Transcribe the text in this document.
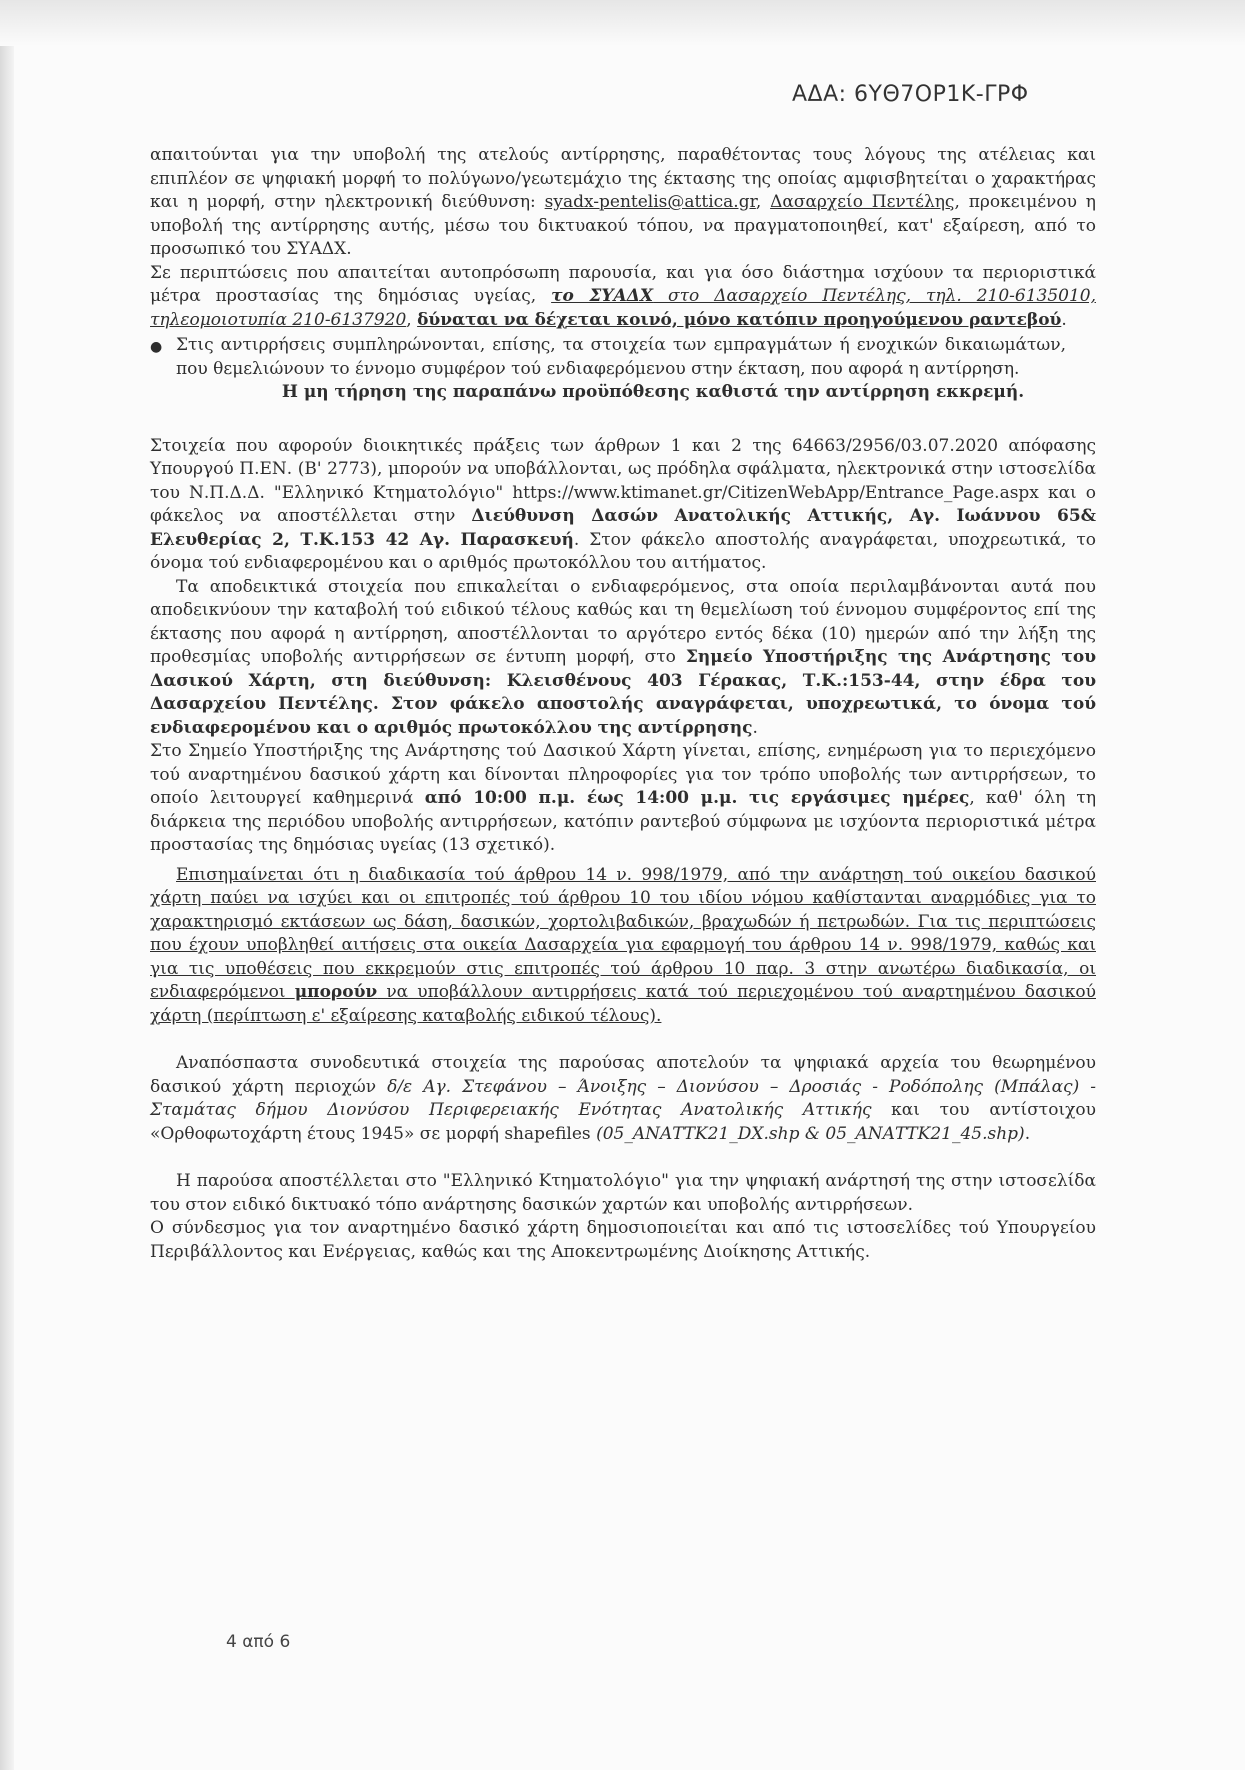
ΑΔΑ: 6ΥΘ7ΟΡ1Κ-ΓΡΦ

απαιτούνται για την υποβολή της ατελούς αντίρρησης, παραθέτοντας τους λόγους της ατέλειας και επιπλέον σε ψηφιακή μορφή το πολύγωνο/γεωτεμάχιο της έκτασης της οποίας αμφισβητείται ο χαρακτήρας και η μορφή, στην ηλεκτρονική διεύθυνση: syadx-pentelis@attica.gr, Δασαρχείο Πεντέλης, προκειμένου η υποβολή της αντίρρησης αυτής, μέσω του δικτυακού τόπου, να πραγματοποιηθεί, κατ' εξαίρεση, από το προσωπικό του ΣΥΑΔΧ.

Σε περιπτώσεις που απαιτείται αυτοπρόσωπη παρουσία, και για όσο διάστημα ισχύουν τα περιοριστικά μέτρα προστασίας της δημόσιας υγείας, το ΣΥΑΔΧ στο Δασαρχείο Πεντέλης, τηλ. 210-6135010, τηλεομοιοτυπία 210-6137920, δύναται να δέχεται κοινό, μόνο κατόπιν προηγούμενου ραντεβού.

● Στις αντιρρήσεις συμπληρώνονται, επίσης, τα στοιχεία των εμπραγμάτων ή ενοχικών δικαιωμάτων, που θεμελιώνουν το έννομο συμφέρον τού ενδιαφερόμενου στην έκταση, που αφορά η αντίρρηση.

Η μη τήρηση της παραπάνω προϋπόθεσης καθιστά την αντίρρηση εκκρεμή.

Στοιχεία που αφορούν διοικητικές πράξεις των άρθρων 1 και 2 της 64663/2956/03.07.2020 απόφασης Υπουργού Π.ΕΝ. (Β' 2773), μπορούν να υποβάλλονται, ως πρόδηλα σφάλματα, ηλεκτρονικά στην ιστοσελίδα του Ν.Π.Δ.Δ. "Ελληνικό Κτηματολόγιο" https://www.ktimanet.gr/CitizenWebApp/Entrance_Page.aspx και ο φάκελος να αποστέλλεται στην Διεύθυνση Δασών Ανατολικής Αττικής, Αγ. Ιωάννου 65& Ελευθερίας 2, Τ.Κ.153 42 Αγ. Παρασκευή. Στον φάκελο αποστολής αναγράφεται, υποχρεωτικά, το όνομα τού ενδιαφερομένου και ο αριθμός πρωτοκόλλου του αιτήματος.

Τα αποδεικτικά στοιχεία που επικαλείται ο ενδιαφερόμενος, στα οποία περιλαμβάνονται αυτά που αποδεικνύουν την καταβολή τού ειδικού τέλους καθώς και τη θεμελίωση τού έννομου συμφέροντος επί της έκτασης που αφορά η αντίρρηση, αποστέλλονται το αργότερο εντός δέκα (10) ημερών από την λήξη της προθεσμίας υποβολής αντιρρήσεων σε έντυπη μορφή, στο Σημείο Υποστήριξης της Ανάρτησης του Δασικού Χάρτη, στη διεύθυνση: Κλεισθένους 403 Γέρακας, Τ.Κ.:153-44, στην έδρα του Δασαρχείου Πεντέλης. Στον φάκελο αποστολής αναγράφεται, υποχρεωτικά, το όνομα τού ενδιαφερομένου και ο αριθμός πρωτοκόλλου της αντίρρησης.

Στο Σημείο Υποστήριξης της Ανάρτησης τού Δασικού Χάρτη γίνεται, επίσης, ενημέρωση για το περιεχόμενο τού αναρτημένου δασικού χάρτη και δίνονται πληροφορίες για τον τρόπο υποβολής των αντιρρήσεων, το οποίο λειτουργεί καθημερινά από 10:00 π.μ. έως 14:00 μ.μ. τις εργάσιμες ημέρες, καθ' όλη τη διάρκεια της περιόδου υποβολής αντιρρήσεων, κατόπιν ραντεβού σύμφωνα με ισχύοντα περιοριστικά μέτρα προστασίας της δημόσιας υγείας (13 σχετικό).

Επισημαίνεται ότι η διαδικασία τού άρθρου 14 ν. 998/1979, από την ανάρτηση τού οικείου δασικού χάρτη παύει να ισχύει και οι επιτροπές τού άρθρου 10 του ιδίου νόμου καθίστανται αναρμόδιες για το χαρακτηρισμό εκτάσεων ως δάση, δασικών, χορτολιβαδικών, βραχωδών ή πετρωδών. Για τις περιπτώσεις που έχουν υποβληθεί αιτήσεις στα οικεία Δασαρχεία για εφαρμογή του άρθρου 14 ν. 998/1979, καθώς και για τις υποθέσεις που εκκρεμούν στις επιτροπές τού άρθρου 10 παρ. 3 στην ανωτέρω διαδικασία, οι ενδιαφερόμενοι μπορούν να υποβάλλουν αντιρρήσεις κατά τού περιεχομένου τού αναρτημένου δασικού χάρτη (περίπτωση ε' εξαίρεσης καταβολής ειδικού τέλους).

Αναπόσπαστα συνοδευτικά στοιχεία της παρούσας αποτελούν τα ψηφιακά αρχεία του θεωρημένου δασικού χάρτη περιοχών δ/ε Αγ. Στεφάνου – Άνοιξης – Διονύσου – Δροσιάς - Ροδόπολης (Μπάλας) - Σταμάτας δήμου Διονύσου Περιφερειακής Ενότητας Ανατολικής Αττικής και του αντίστοιχου «Ορθοφωτοχάρτη έτους 1945» σε μορφή shapefiles (05_ΑΝΑΤΤΚ21_DX.shp & 05_ΑΝΑΤΤΚ21_45.shp).

Η παρούσα αποστέλλεται στο "Ελληνικό Κτηματολόγιο" για την ψηφιακή ανάρτησή της στην ιστοσελίδα του στον ειδικό δικτυακό τόπο ανάρτησης δασικών χαρτών και υποβολής αντιρρήσεων.

Ο σύνδεσμος για τον αναρτημένο δασικό χάρτη δημοσιοποιείται και από τις ιστοσελίδες τού Υπουργείου Περιβάλλοντος και Ενέργειας, καθώς και της Αποκεντρωμένης Διοίκησης Αττικής.

4 από 6
